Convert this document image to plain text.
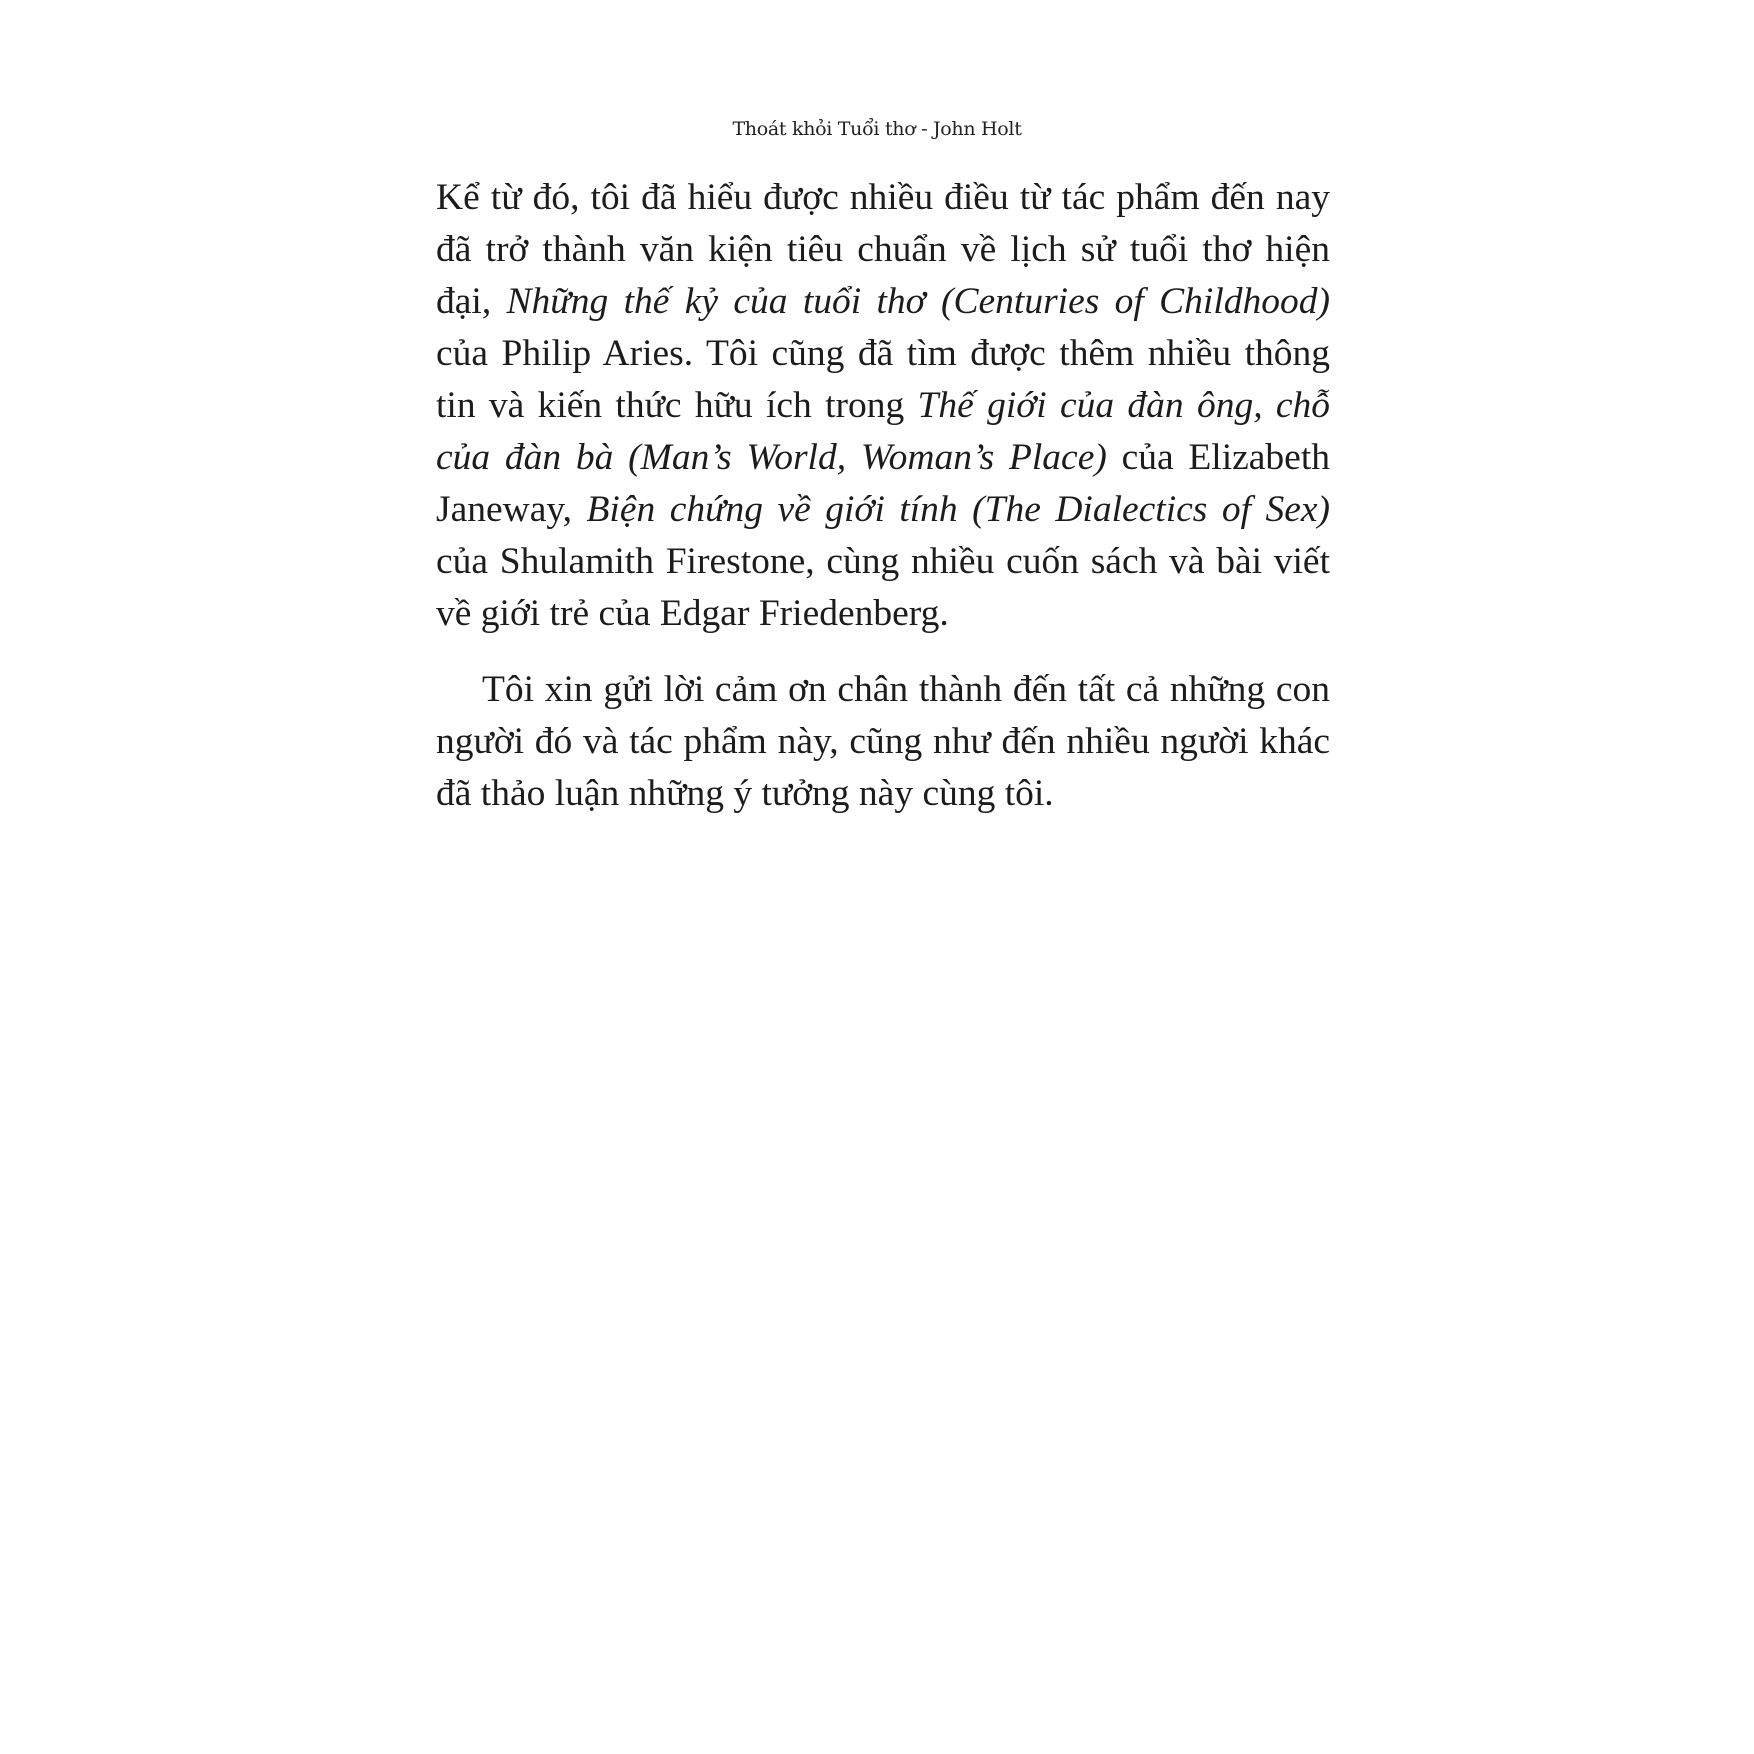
Thoát khỏi Tuổi thơ - John Holt

Kể từ đó, tôi đã hiểu được nhiều điều từ tác phẩm đến nay đã trở thành văn kiện tiêu chuẩn về lịch sử tuổi thơ hiện đại, Những thế kỷ của tuổi thơ (Centuries of Childhood) của Philip Aries. Tôi cũng đã tìm được thêm nhiều thông tin và kiến thức hữu ích trong Thế giới của đàn ông, chỗ của đàn bà (Man’s World, Woman’s Place) của Elizabeth Janeway, Biện chứng về giới tính (The Dialectics of Sex) của Shulamith Firestone, cùng nhiều cuốn sách và bài viết về giới trẻ của Edgar Friedenberg.

Tôi xin gửi lời cảm ơn chân thành đến tất cả những con người đó và tác phẩm này, cũng như đến nhiều người khác đã thảo luận những ý tưởng này cùng tôi.
